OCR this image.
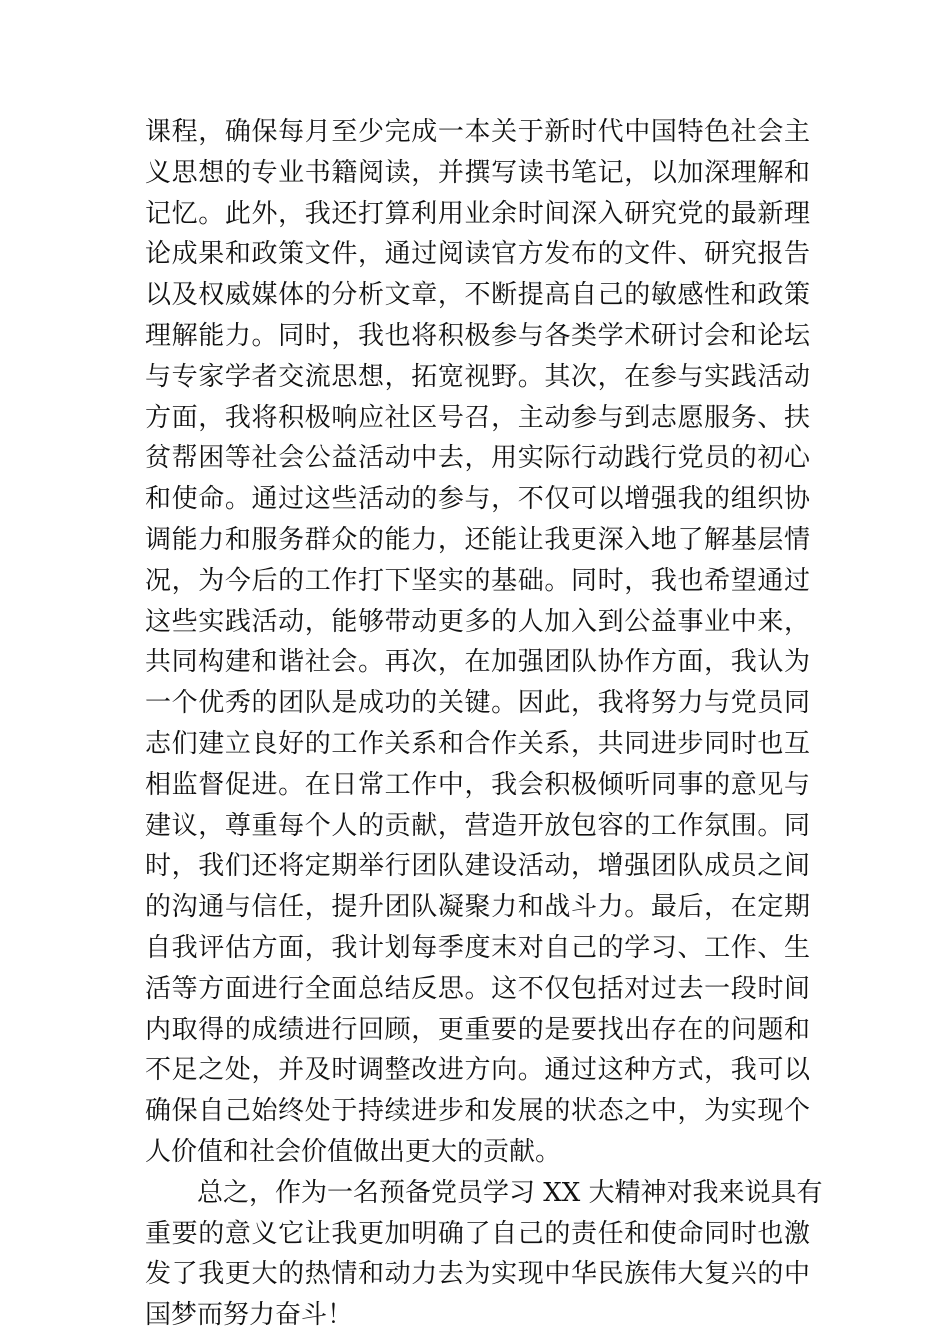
课程，确保每月至少完成一本关于新时代中国特色社会主
义思想的专业书籍阅读，并撰写读书笔记，以加深理解和
记忆。此外，我还打算利用业余时间深入研究党的最新理
论成果和政策文件，通过阅读官方发布的文件、研究报告
以及权威媒体的分析文章，不断提高自己的敏感性和政策
理解能力。同时，我也将积极参与各类学术研讨会和论坛
与专家学者交流思想，拓宽视野。其次，在参与实践活动
方面，我将积极响应社区号召，主动参与到志愿服务、扶
贫帮困等社会公益活动中去，用实际行动践行党员的初心
和使命。通过这些活动的参与，不仅可以增强我的组织协
调能力和服务群众的能力，还能让我更深入地了解基层情
况，为今后的工作打下坚实的基础。同时，我也希望通过
这些实践活动，能够带动更多的人加入到公益事业中来，
共同构建和谐社会。再次，在加强团队协作方面，我认为
一个优秀的团队是成功的关键。因此，我将努力与党员同
志们建立良好的工作关系和合作关系，共同进步同时也互
相监督促进。在日常工作中，我会积极倾听同事的意见与
建议，尊重每个人的贡献，营造开放包容的工作氛围。同
时，我们还将定期举行团队建设活动，增强团队成员之间
的沟通与信任，提升团队凝聚力和战斗力。最后，在定期
自我评估方面，我计划每季度末对自己的学习、工作、生
活等方面进行全面总结反思。这不仅包括对过去一段时间
内取得的成绩进行回顾，更重要的是要找出存在的问题和
不足之处，并及时调整改进方向。通过这种方式，我可以
确保自己始终处于持续进步和发展的状态之中，为实现个
人价值和社会价值做出更大的贡献。
总之，作为一名预备党员学习 XX 大精神对我来说具有
重要的意义它让我更加明确了自己的责任和使命同时也激
发了我更大的热情和动力去为实现中华民族伟大复兴的中
国梦而努力奋斗！
